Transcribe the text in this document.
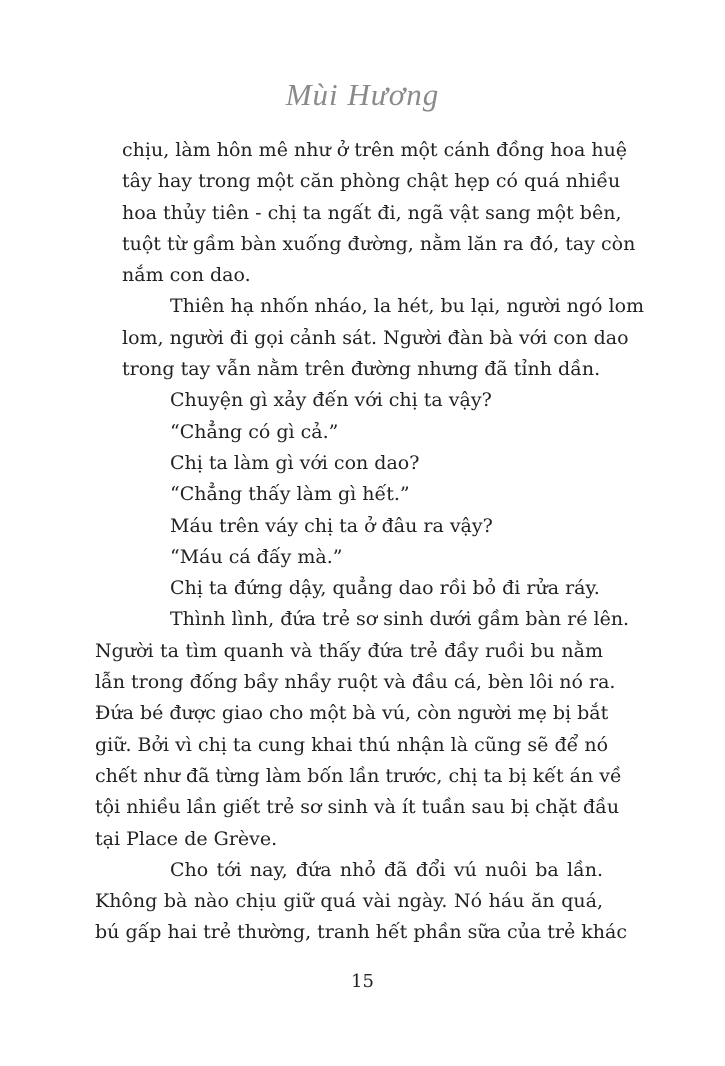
Mùi Hương
chịu, làm hôn mê như ở trên một cánh đồng hoa huệ
tây hay trong một căn phòng chật hẹp có quá nhiều
hoa thủy tiên - chị ta ngất đi, ngã vật sang một bên,
tuột từ gầm bàn xuống đường, nằm lăn ra đó, tay còn
nắm con dao.
Thiên hạ nhốn nháo, la hét, bu lại, người ngó lom
lom, người đi gọi cảnh sát. Người đàn bà với con dao
trong tay vẫn nằm trên đường nhưng đã tỉnh dần.
Chuyện gì xảy đến với chị ta vậy?
“Chẳng có gì cả.”
Chị ta làm gì với con dao?
“Chẳng thấy làm gì hết.”
Máu trên váy chị ta ở đâu ra vậy?
“Máu cá đấy mà.”
Chị ta đứng dậy, quẳng dao rồi bỏ đi rửa ráy.
Thình lình, đứa trẻ sơ sinh dưới gầm bàn ré lên.
Người ta tìm quanh và thấy đứa trẻ đầy ruồi bu nằm
lẫn trong đống bầy nhầy ruột và đầu cá, bèn lôi nó ra.
Đứa bé được giao cho một bà vú, còn người mẹ bị bắt
giữ. Bởi vì chị ta cung khai thú nhận là cũng sẽ để nó
chết như đã từng làm bốn lần trước, chị ta bị kết án về
tội nhiều lần giết trẻ sơ sinh và ít tuần sau bị chặt đầu
tại Place de Grève.
Cho tới nay, đứa nhỏ đã đổi vú nuôi ba lần.
Không bà nào chịu giữ quá vài ngày. Nó háu ăn quá,
bú gấp hai trẻ thường, tranh hết phần sữa của trẻ khác
15
